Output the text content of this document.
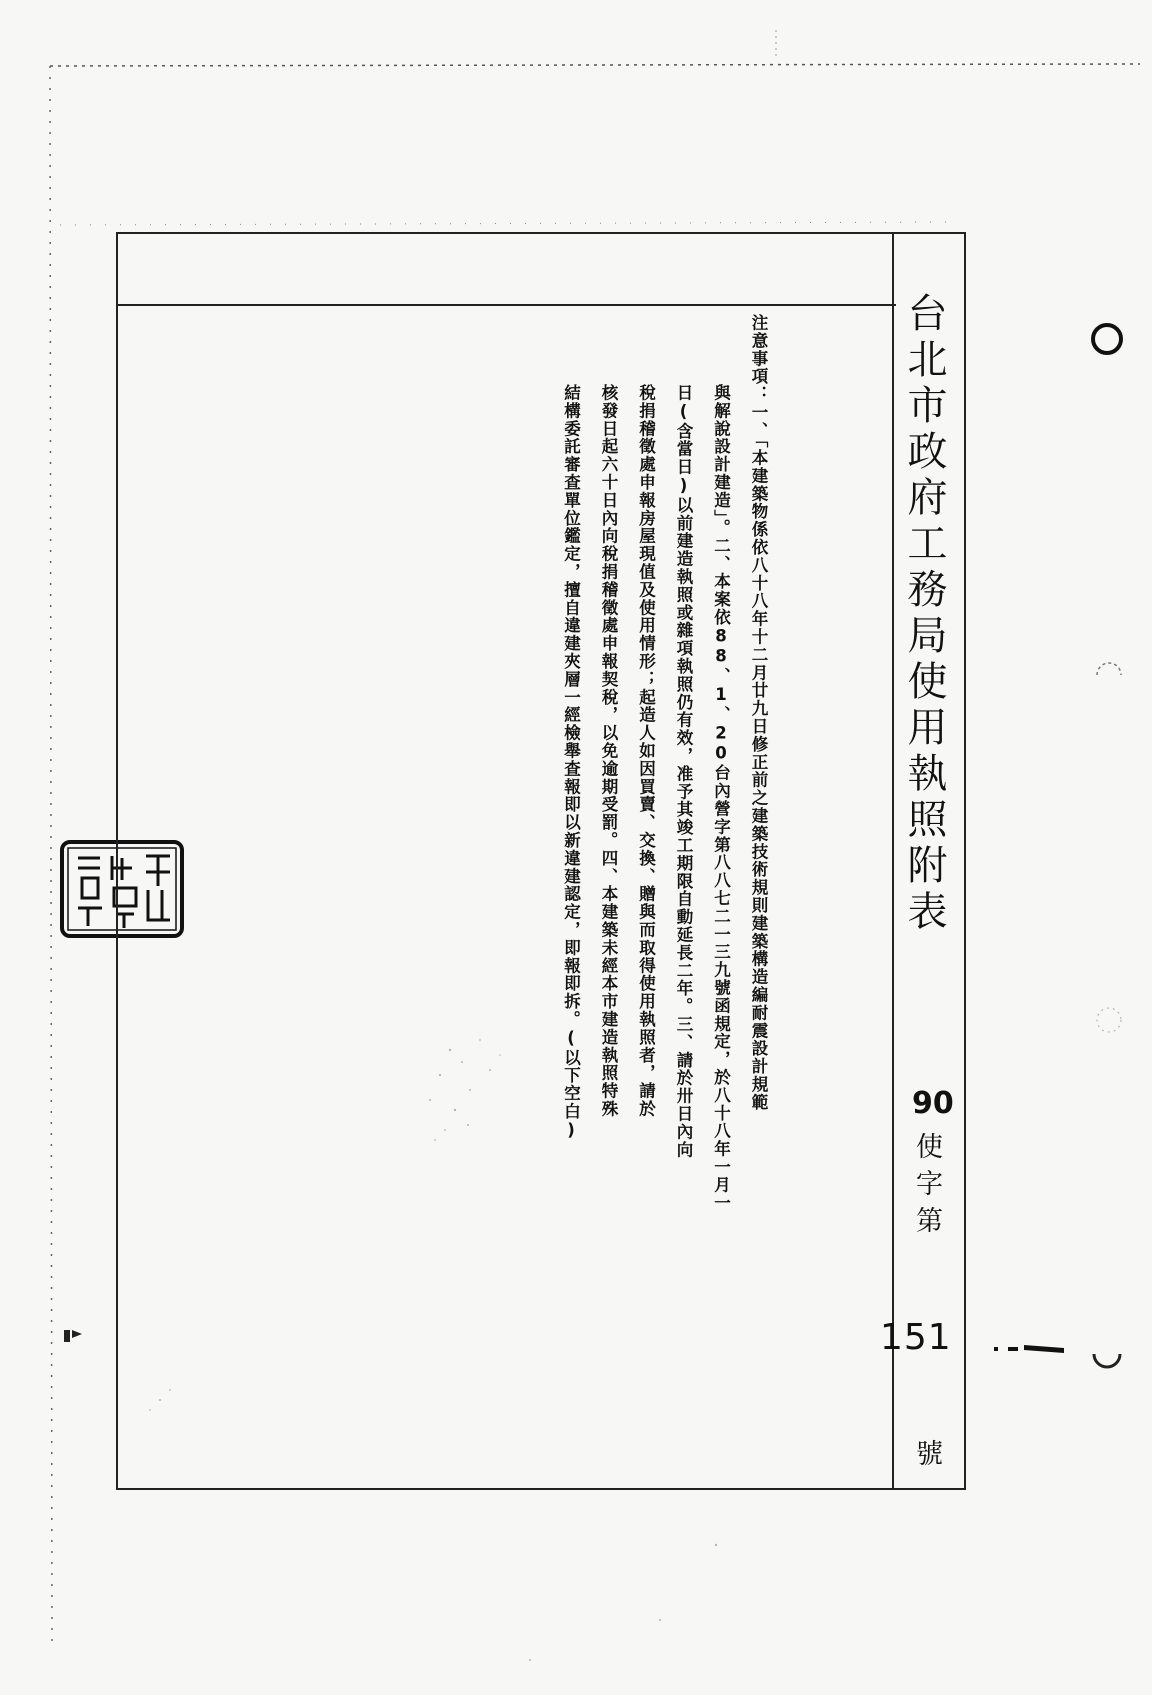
台北市政府工務局使用執照附表
90
使字第
151
號

注意事項：一、「本建築物係依八十八年十二月廿九日修正前之建築技術規則建築構造編耐震設計規範

與解說設計建造」。二、本案依88、1、20台內營字第八八七二一三九號函規定，於八十八年一月一

日(含當日)以前建造執照或雜項執照仍有效，准予其竣工期限自動延長二年。三、請於卅日內向

稅捐稽徵處申報房屋現值及使用情形；起造人如因買賣、交換、贈與而取得使用執照者，請於

核發日起六十日內向稅捐稽徵處申報契稅，以免逾期受罰。四、本建築未經本市建造執照特殊

結構委託審查單位鑑定，擅自違建夾層一經檢舉查報即以新違建認定，即報即拆。(以下空白)
